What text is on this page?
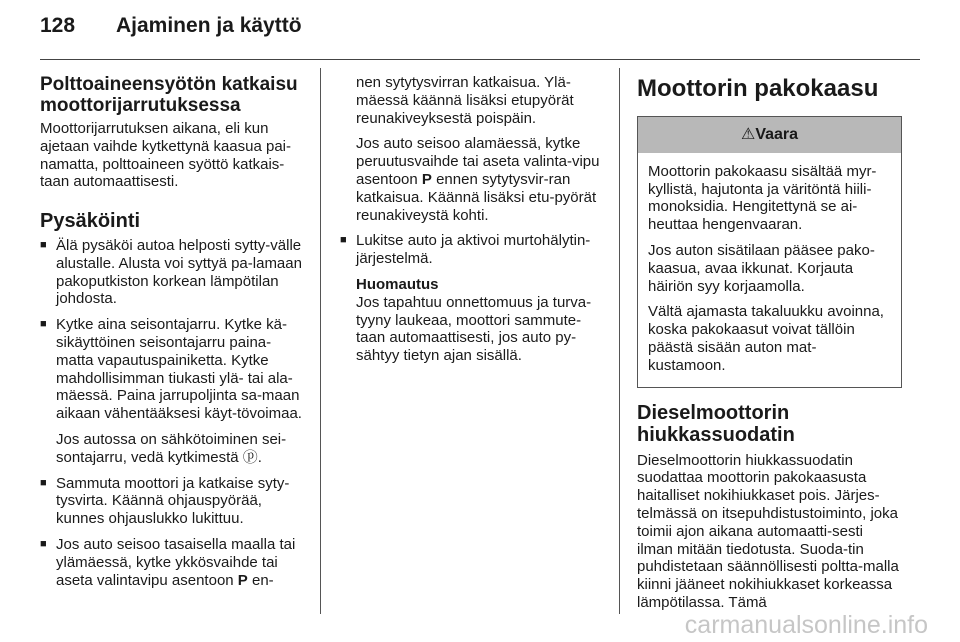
128 Ajaminen ja käyttö
Polttoaineensyötön katkaisu moottorijarrutuksessa

Moottorijarrutuksen aikana, eli kun ajetaan vaihde kytkettynä kaasua pai-namatta, polttoaineen syöttö katkais-taan automaattisesti.

Pysäköinti
■ Älä pysäköi autoa helposti sytty-välle alustalle. Alusta voi syttyä pa-lamaan pakoputkiston korkean lämpötilan johdosta.
■ Kytke aina seisontajarru. Kytke kä-sikäyttöinen seisontajarru paina-matta vapautuspainiketta. Kytke mahdollisimman tiukasti ylä- tai ala-mäessä. Paina jarrupoljinta sa-maan aikaan vähentääksesi käyt-tövoimaa.
Jos autossa on sähkötoiminen sei-sontajarru, vedä kytkimestä ⓟ.
■ Sammuta moottori ja katkaise syty-tysvirta. Käännä ohjauspyörää, kunnes ohjauslukko lukittuu.
■ Jos auto seisoo tasaisella maalla tai ylämäessä, kytke ykkösvaihde tai aseta valintavipu asentoon P en-

nen sytytysvirran katkaisua. Ylä-mäessä käännä lisäksi etupyörät reunakiveyksestä poispäin.

Jos auto seisoo alamäessä, kytke peruutusvaihde tai aseta valinta-vipu asentoon P ennen sytytysvir-ran katkaisua. Käännä lisäksi etu-pyörät reunakiveystä kohti.

■ Lukitse auto ja aktivoi murtohälytin-järjestelmä.

Huomautus

Jos tapahtuu onnettomuus ja turva-tyyny laukeaa, moottori sammute-taan automaattisesti, jos auto py-sähtyy tietyn ajan sisällä.

Moottorin pakokaasu
⚠Vaara

Moottorin pakokaasu sisältää myr-kyllistä, hajutonta ja väritöntä hiili-monoksidia. Hengitettynä se ai-heuttaa hengenvaaran.

Jos auton sisätilaan pääsee pako-kaasua, avaa ikkunat. Korjauta häiriön syy korjaamolla.

Vältä ajamasta takaluukku avoinna, koska pakokaasut voivat tällöin päästä sisään auton mat-kustamoon.

Dieselmoottorin hiukkassuodatin

Dieselmoottorin hiukkassuodatin suodattaa moottorin pakokaasusta haitalliset nokihiukkaset pois. Järjes-telmässä on itsepuhdistustoiminto, joka toimii ajon aikana automaatti-sesti ilman mitään tiedotusta. Suoda-tin puhdistetaan säännöllisesti poltta-malla kiinni jääneet nokihiukkaset korkeassa lämpötilassa. Tämä

carmanualsonline.info
